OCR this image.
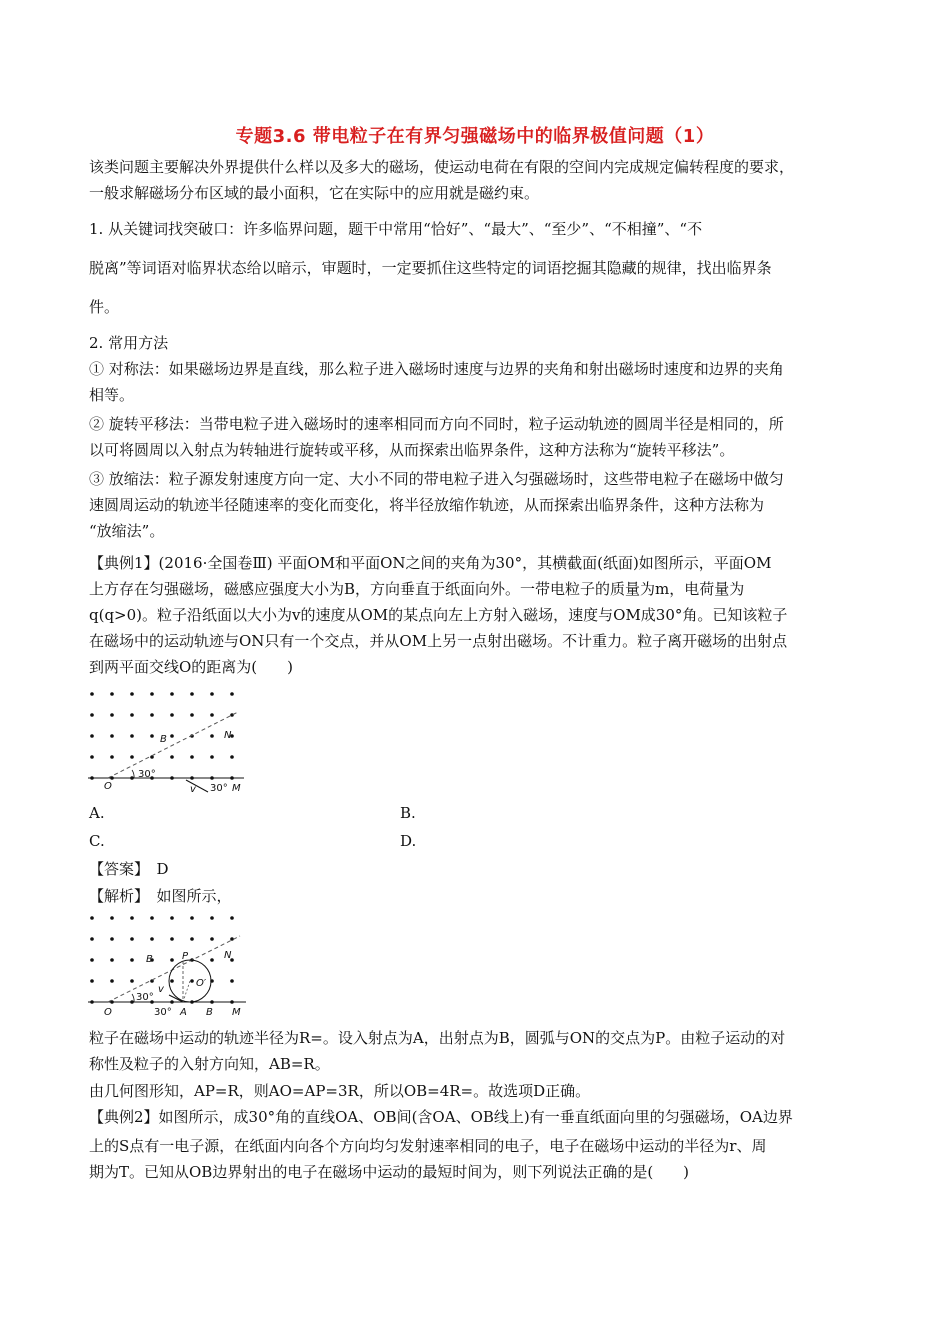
专题3.6 带电粒子在有界匀强磁场中的临界极值问题（1）
该类问题主要解决外界提供什么样以及多大的磁场，使运动电荷在有限的空间内完成规定偏转程度的要求，
一般求解磁场分布区域的最小面积，它在实际中的应用就是磁约束。
1. 从关键词找突破口：许多临界问题，题干中常用“恰好”、“最大”、“至少”、“不相撞”、“不
脱离”等词语对临界状态给以暗示，审题时，一定要抓住这些特定的词语挖掘其隐藏的规律，找出临界条
件。
2. 常用方法
① 对称法：如果磁场边界是直线，那么粒子进入磁场时速度与边界的夹角和射出磁场时速度和边界的夹角
相等。
② 旋转平移法：当带电粒子进入磁场时的速率相同而方向不同时，粒子运动轨迹的圆周半径是相同的，所
以可将圆周以入射点为转轴进行旋转或平移，从而探索出临界条件，这种方法称为“旋转平移法”。
③ 放缩法：粒子源发射速度方向一定、大小不同的带电粒子进入匀强磁场时，这些带电粒子在磁场中做匀
速圆周运动的轨迹半径随速率的变化而变化，将半径放缩作轨迹，从而探索出临界条件，这种方法称为
“放缩法”。
【典例1】(2016·全国卷Ⅲ) 平面OM和平面ON之间的夹角为30°，其横截面(纸面)如图所示，平面OM
上方存在匀强磁场，磁感应强度大小为B，方向垂直于纸面向外。一带电粒子的质量为m，电荷量为
q(q>0)。粒子沿纸面以大小为v的速度从OM的某点向左上方射入磁场，速度与OM成30°角。已知该粒子
在磁场中的运动轨迹与ON只有一个交点，并从OM上另一点射出磁场。不计重力。粒子离开磁场的出射点
到两平面交线O的距离为(　　)
O
B	N
M
v
30°
30°
A.	B.
C.	D.
【答案】　D
【解析】　如图所示，
O	A B M
N
B	P
O′
v
30°
30°
粒子在磁场中运动的轨迹半径为R=。设入射点为A，出射点为B，圆弧与ON的交点为P。由粒子运动的对
称性及粒子的入射方向知，AB=R。
由几何图形知，AP=R，则AO=AP=3R，所以OB=4R=。故选项D正确。
【典例2】如图所示，成30°角的直线OA、OB间(含OA、OB线上)有一垂直纸面向里的匀强磁场，OA边界
上的S点有一电子源，在纸面内向各个方向均匀发射速率相同的电子，电子在磁场中运动的半径为r、周
期为T。已知从OB边界射出的电子在磁场中运动的最短时间为，则下列说法正确的是(　　)
